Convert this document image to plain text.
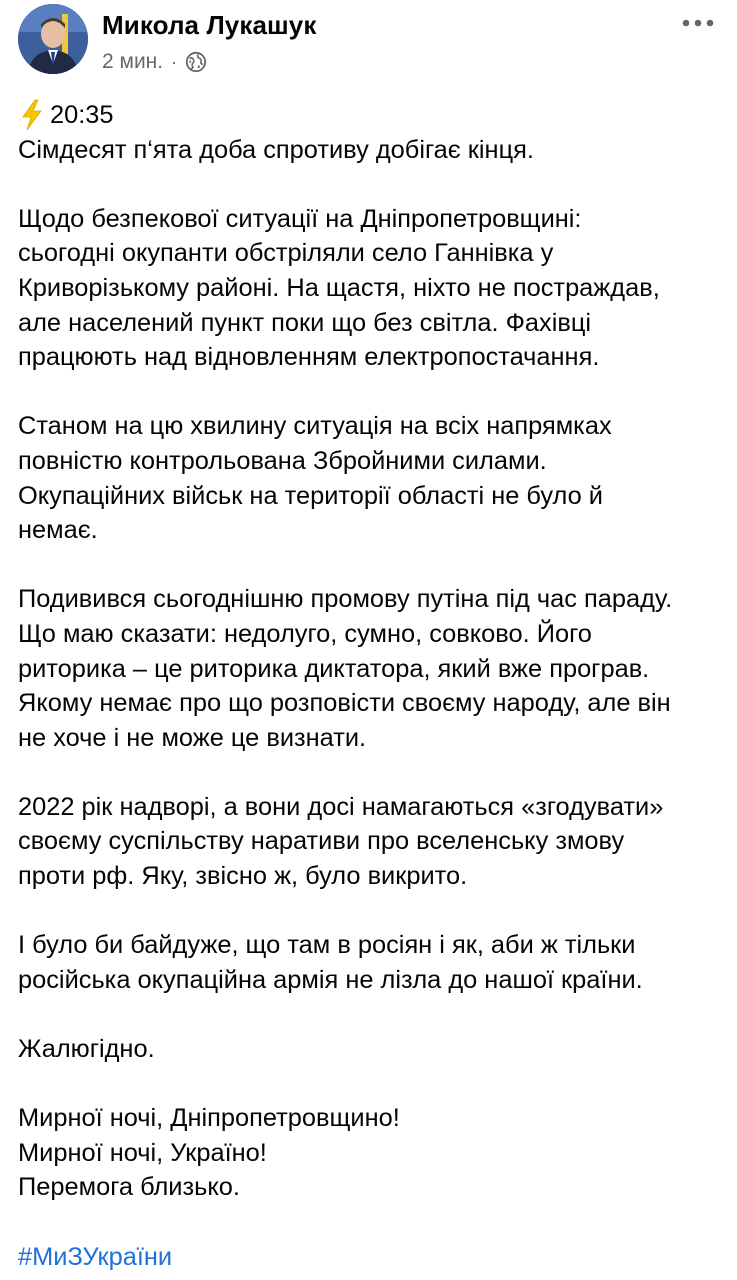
Микола Лукашук
2 мин. ·
20:35

Сімдесят п‘ята доба спротиву добігає кінця.

Щодо безпекової ситуації на Дніпропетровщині:
сьогодні окупанти обстріляли село Ганнівка у
Криворізькому районі. На щастя, ніхто не постраждав,
але населений пункт поки що без світла. Фахівці
працюють над відновленням електропостачання.

Станом на цю хвилину ситуація на всіх напрямках
повністю контрольована Збройними силами.
Окупаційних військ на території області не було й
немає.

Подивився сьогоднішню промову путіна під час параду.
Що маю сказати: недолуго, сумно, совково. Його
риторика – це риторика диктатора, який вже програв.
Якому немає про що розповісти своєму народу, але він
не хоче і не може це визнати.

2022 рік надворі, а вони досі намагаються «згодувати»
своєму суспільству наративи про вселенську змову
проти рф. Яку, звісно ж, було викрито.

І було би байдуже, що там в росіян і як, аби ж тільки
російська окупаційна армія не лізла до нашої країни.

Жалюгідно.

Мирної ночі, Дніпропетровщино!
Мирної ночі, Україно!
Перемога близько.

#МиЗУкраїни
